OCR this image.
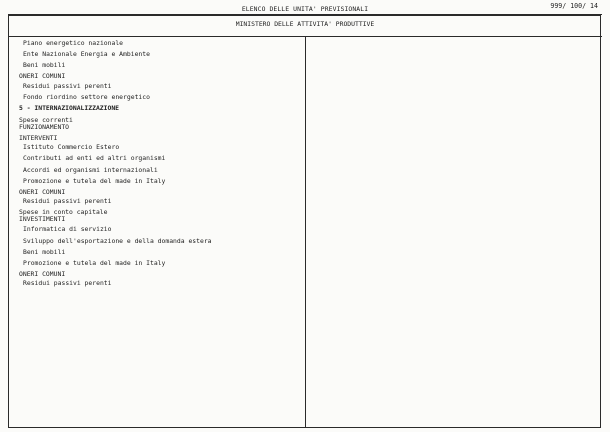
ELENCO DELLE UNITA' PREVISIONALI	999/ 100/ 14
MINISTERO DELLE ATTIVITA' PRODUTTIVE
Piano energetico nazionale
Ente Nazionale Energia e Ambiente
Beni mobili
ONERI COMUNI
Residui passivi perenti
Fondo riordino settore energetico
5 - INTERNAZIONALIZZAZIONE
Spese correnti
FUNZIONAMENTO
INTERVENTI
Istituto Commercio Estero
Contributi ad enti ed altri organismi
Accordi ed organismi internazionali
Promozione e tutela del made in Italy
ONERI COMUNI
Residui passivi perenti
Spese in conto capitale
INVESTIMENTI
Informatica di servizio
Sviluppo dell'esportazione e della domanda estera
Beni mobili
Promozione e tutela del made in Italy
ONERI COMUNI
Residui passivi perenti
